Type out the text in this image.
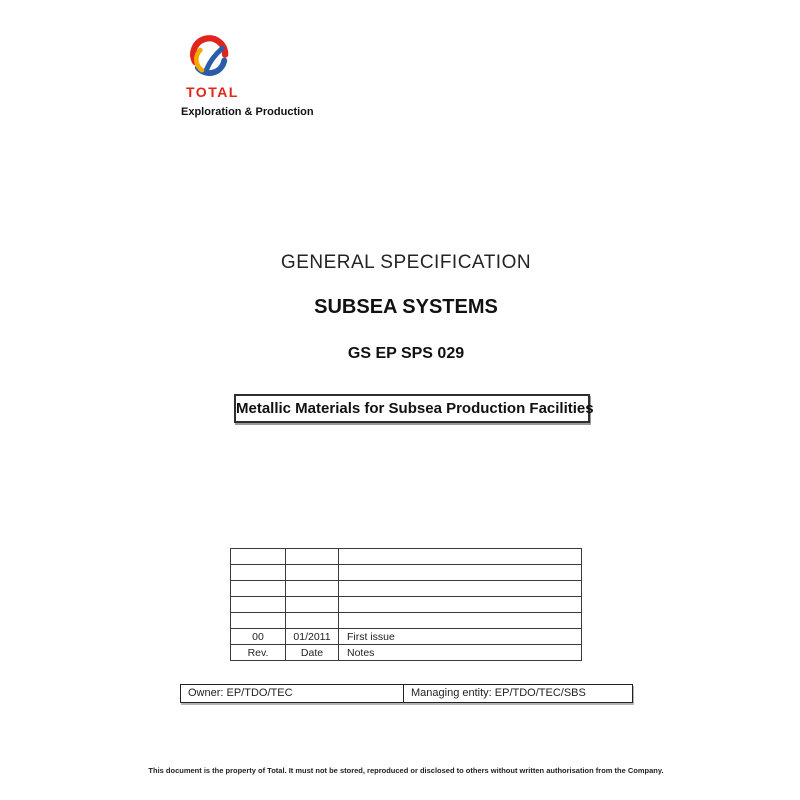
TOTAL
Exploration & Production
GENERAL SPECIFICATION
SUBSEA SYSTEMS
GS EP SPS 029
Metallic Materials for Subsea Production Facilities

00	01/2011	First issue
Rev.	Date	Notes
Owner: EP/TDO/TEC	Managing entity: EP/TDO/TEC/SBS
This document is the property of Total. It must not be stored, reproduced or disclosed to others without written authorisation from the Company.
